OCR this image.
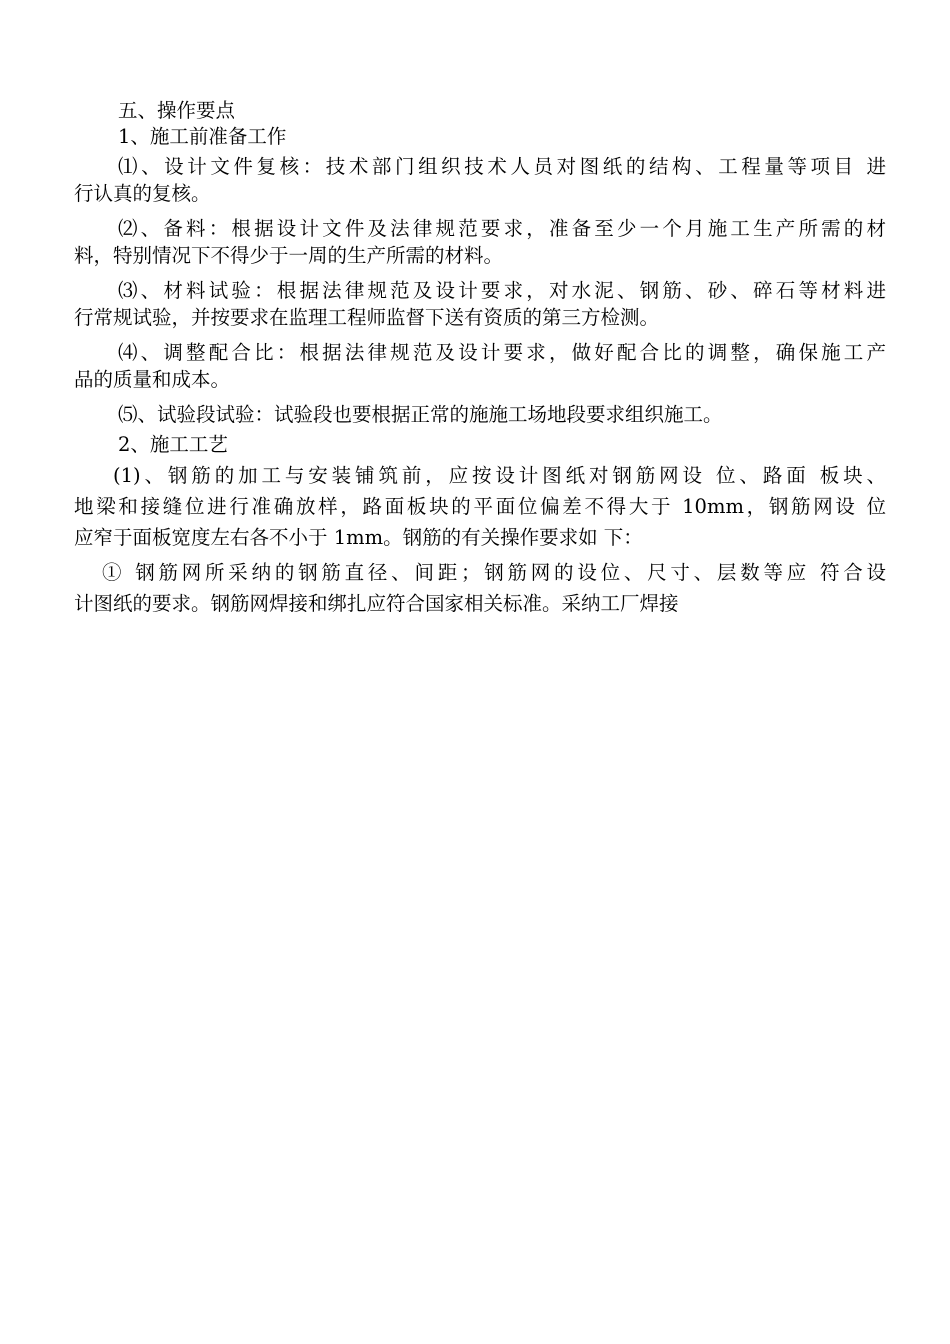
五、操作要点

1、施工前准备工作

⑴、设计文件复核：技术部门组织技术人员对图纸的结构、工程量等项目 进

行认真的复核。

⑵、备料：根据设计文件及法律规范要求，准备至少一个月施工生产所需的材

料，特别情况下不得少于一周的生产所需的材料。

⑶、材料试验：根据法律规范及设计要求，对水泥、钢筋、砂、碎石等材料进

行常规试验，并按要求在监理工程师监督下送有资质的第三方检测。

⑷、调整配合比：根据法律规范及设计要求，做好配合比的调整，确保施工产

品的质量和成本。

⑸、试验段试验：试验段也要根据正常的施施工场地段要求组织施工。

2、施工工艺

(1)、钢筋的加工与安装铺筑前，应按设计图纸对钢筋网设 位、路面 板块、

地梁和接缝位进行准确放样，路面板块的平面位偏差不得大于 10mm，钢筋网设 位

应窄于面板宽度左右各不小于 1mm。钢筋的有关操作要求如 下：

① 钢筋网所采纳的钢筋直径、间距；钢筋网的设位、尺寸、层数等应 符合设

计图纸的要求。钢筋网焊接和绑扎应符合国家相关标准。采纳工厂焊接
